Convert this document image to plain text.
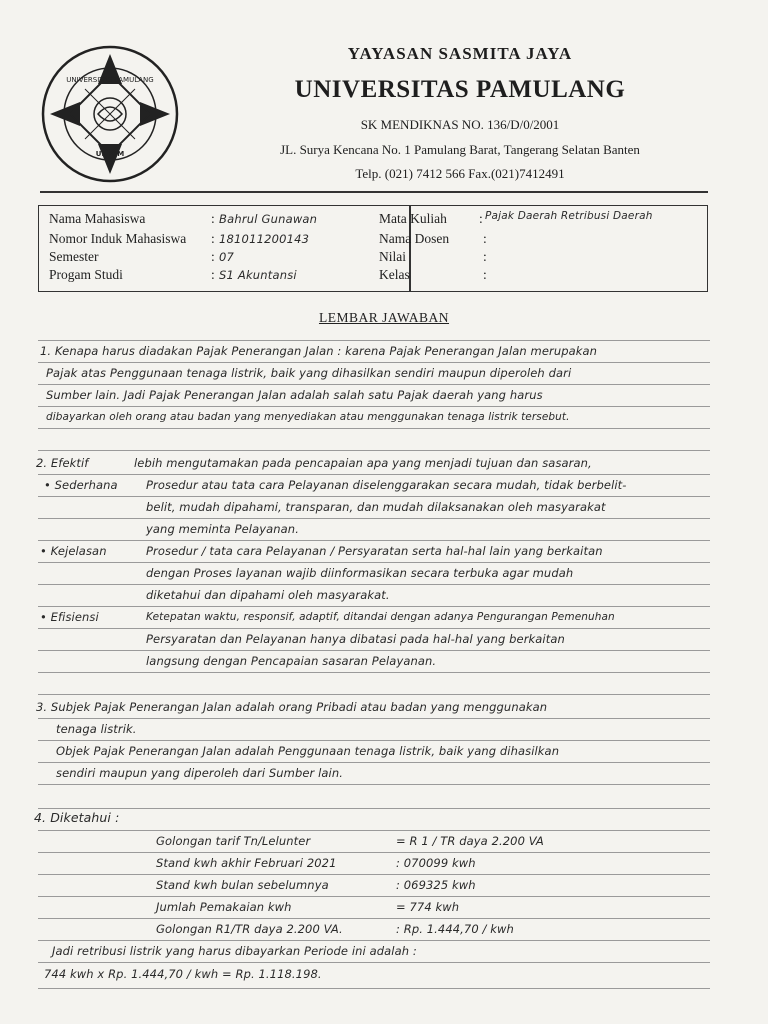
UNIVERSITAS PAMULANG
UNPAM
YAYASAN SASMITA JAYA
UNIVERSITAS PAMULANG
SK MENDIKNAS NO. 136/D/0/2001
JL. Surya Kencana No. 1 Pamulang Barat, Tangerang Selatan Banten
Telp. (021) 7412 566 Fax.(021)7412491
Nama Mahasiswa	: Bahrul Gunawan
Nomor Induk Mahasiswa : 181011200143
Semester	: 07
Progam Studi	: S1 Akuntansi
Mata Kuliah : Pajak Daerah Retribusi Daerah
Nama Dosen	:
Nilai	:
Kelas	:
LEMBAR JAWABAN
1. Kenapa harus diadakan Pajak Penerangan Jalan : karena Pajak Penerangan Jalan merupakan
Pajak atas Penggunaan tenaga listrik, baik yang dihasilkan sendiri maupun diperoleh dari
Sumber lain. Jadi Pajak Penerangan Jalan adalah salah satu Pajak daerah yang harus
dibayarkan oleh orang atau badan yang menyediakan atau menggunakan tenaga listrik tersebut.
2. Efektif	lebih mengutamakan pada pencapaian apa yang menjadi tujuan dan sasaran,
• Sederhana Prosedur atau tata cara Pelayanan diselenggarakan secara mudah, tidak berbelit-
belit, mudah dipahami, transparan, dan mudah dilaksanakan oleh masyarakat
yang meminta Pelayanan.
• Kejelasan	Prosedur / tata cara Pelayanan / Persyaratan serta hal-hal lain yang berkaitan
dengan Proses layanan wajib diinformasikan secara terbuka agar mudah
diketahui dan dipahami oleh masyarakat.
• Efisiensi	Ketepatan waktu, responsif, adaptif, ditandai dengan adanya Pengurangan Pemenuhan
Persyaratan dan Pelayanan hanya dibatasi pada hal-hal yang berkaitan
langsung dengan Pencapaian sasaran Pelayanan.
3. Subjek Pajak Penerangan Jalan adalah orang Pribadi atau badan yang menggunakan
tenaga listrik.
Objek Pajak Penerangan Jalan adalah Penggunaan tenaga listrik, baik yang dihasilkan
sendiri maupun yang diperoleh dari Sumber lain.
4. Diketahui :
Golongan tarif Tn/Lelunter	= R 1 / TR daya 2.200 VA
Stand kwh akhir Februari 2021	: 070099 kwh
Stand kwh bulan sebelumnya	: 069325 kwh
Jumlah Pemakaian kwh	= 774 kwh
Golongan R1/TR daya 2.200 VA.	: Rp. 1.444,70 / kwh
Jadi retribusi listrik yang harus dibayarkan Periode ini adalah :
744 kwh x Rp. 1.444,70 / kwh = Rp. 1.118.198.
